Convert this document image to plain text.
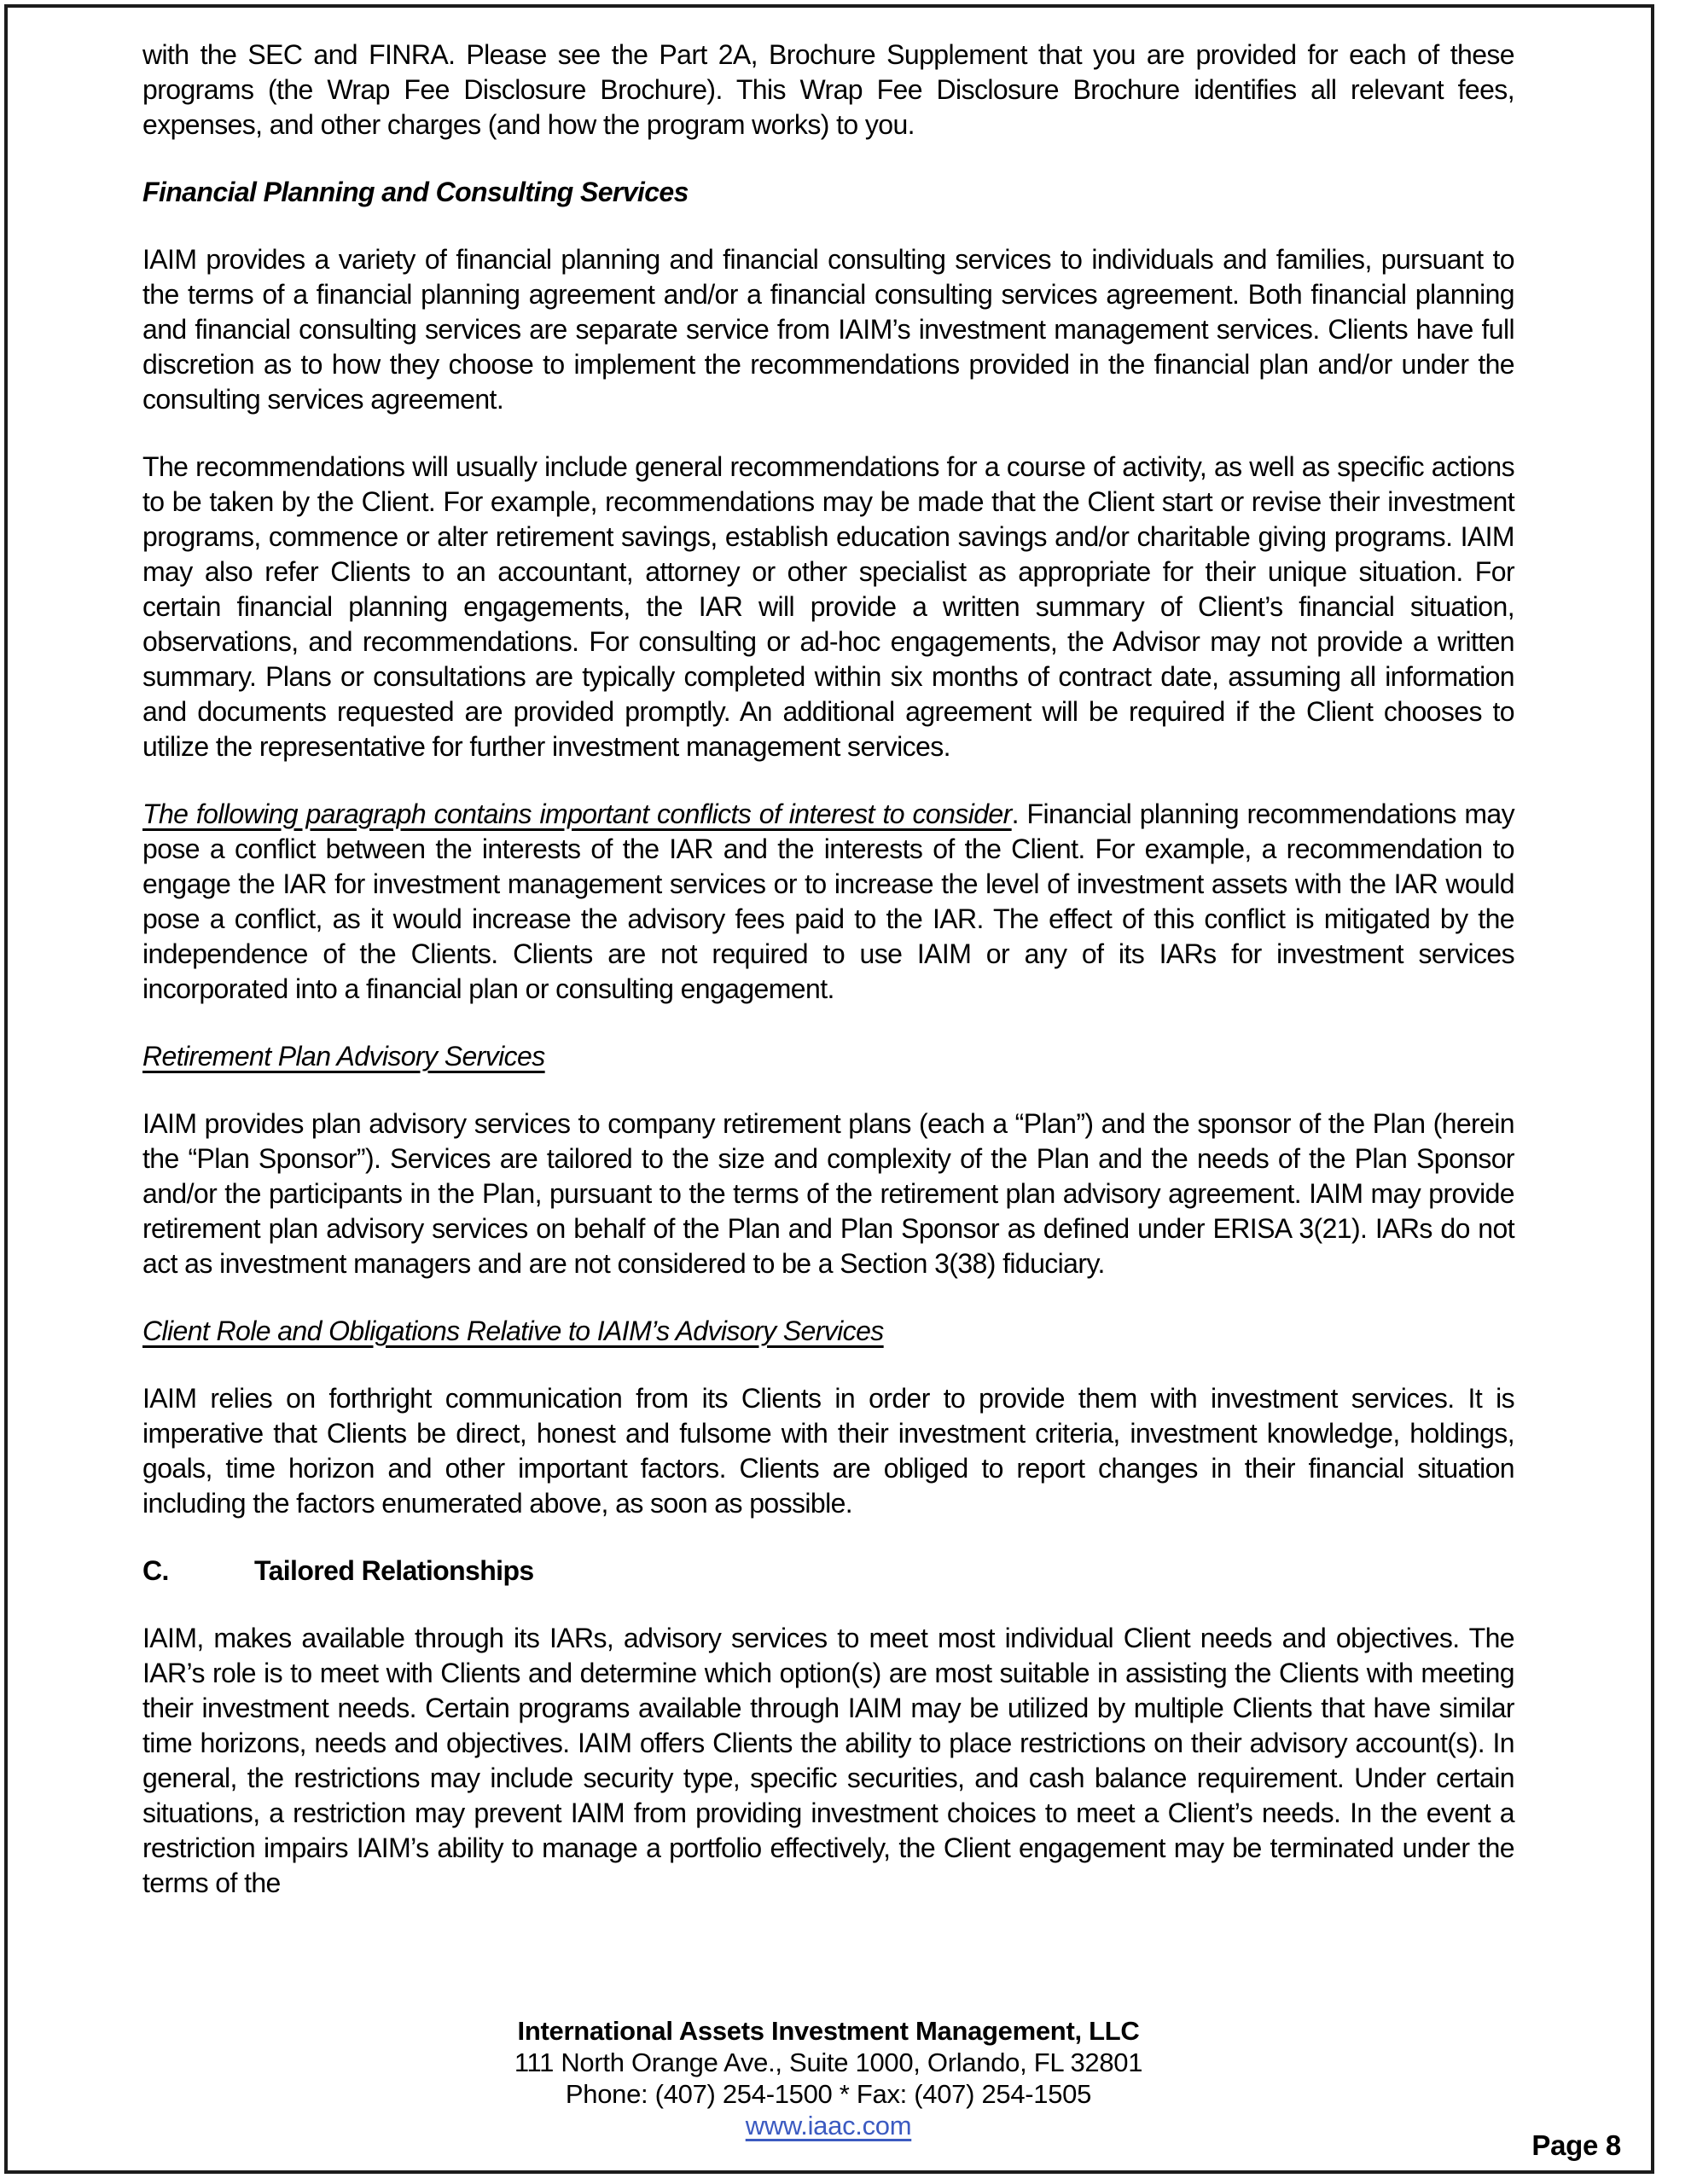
with the SEC and FINRA. Please see the Part 2A, Brochure Supplement that you are provided for each of these programs (the Wrap Fee Disclosure Brochure). This Wrap Fee Disclosure Brochure identifies all relevant fees, expenses, and other charges (and how the program works) to you.

Financial Planning and Consulting Services

IAIM provides a variety of financial planning and financial consulting services to individuals and families, pursuant to the terms of a financial planning agreement and/or a financial consulting services agreement. Both financial planning and financial consulting services are separate service from IAIM’s investment management services. Clients have full discretion as to how they choose to implement the recommendations provided in the financial plan and/or under the consulting services agreement.

The recommendations will usually include general recommendations for a course of activity, as well as specific actions to be taken by the Client. For example, recommendations may be made that the Client start or revise their investment programs, commence or alter retirement savings, establish education savings and/or charitable giving programs. IAIM may also refer Clients to an accountant, attorney or other specialist as appropriate for their unique situation. For certain financial planning engagements, the IAR will provide a written summary of Client’s financial situation, observations, and recommendations. For consulting or ad-hoc engagements, the Advisor may not provide a written summary. Plans or consultations are typically completed within six months of contract date, assuming all information and documents requested are provided promptly. An additional agreement will be required if the Client chooses to utilize the representative for further investment management services.

The following paragraph contains important conflicts of interest to consider. Financial planning recommendations may pose a conflict between the interests of the IAR and the interests of the Client. For example, a recommendation to engage the IAR for investment management services or to increase the level of investment assets with the IAR would pose a conflict, as it would increase the advisory fees paid to the IAR. The effect of this conflict is mitigated by the independence of the Clients. Clients are not required to use IAIM or any of its IARs for investment services incorporated into a financial plan or consulting engagement.

Retirement Plan Advisory Services

IAIM provides plan advisory services to company retirement plans (each a “Plan”) and the sponsor of the Plan (herein the “Plan Sponsor”). Services are tailored to the size and complexity of the Plan and the needs of the Plan Sponsor and/or the participants in the Plan, pursuant to the terms of the retirement plan advisory agreement. IAIM may provide retirement plan advisory services on behalf of the Plan and Plan Sponsor as defined under ERISA 3(21). IARs do not act as investment managers and are not considered to be a Section 3(38) fiduciary.

Client Role and Obligations Relative to IAIM’s Advisory Services

IAIM relies on forthright communication from its Clients in order to provide them with investment services. It is imperative that Clients be direct, honest and fulsome with their investment criteria, investment knowledge, holdings, goals, time horizon and other important factors. Clients are obliged to report changes in their financial situation including the factors enumerated above, as soon as possible.

C.	Tailored Relationships

IAIM, makes available through its IARs, advisory services to meet most individual Client needs and objectives. The IAR’s role is to meet with Clients and determine which option(s) are most suitable in assisting the Clients with meeting their investment needs. Certain programs available through IAIM may be utilized by multiple Clients that have similar time horizons, needs and objectives. IAIM offers Clients the ability to place restrictions on their advisory account(s). In general, the restrictions may include security type, specific securities, and cash balance requirement. Under certain situations, a restriction may prevent IAIM from providing investment choices to meet a Client’s needs. In the event a restriction impairs IAIM’s ability to manage a portfolio effectively, the Client engagement may be terminated under the terms of the

International Assets Investment Management, LLC
111 North Orange Ave., Suite 1000, Orlando, FL 32801
Phone: (407) 254-1500 * Fax: (407) 254-1505
www.iaac.com
Page 8
